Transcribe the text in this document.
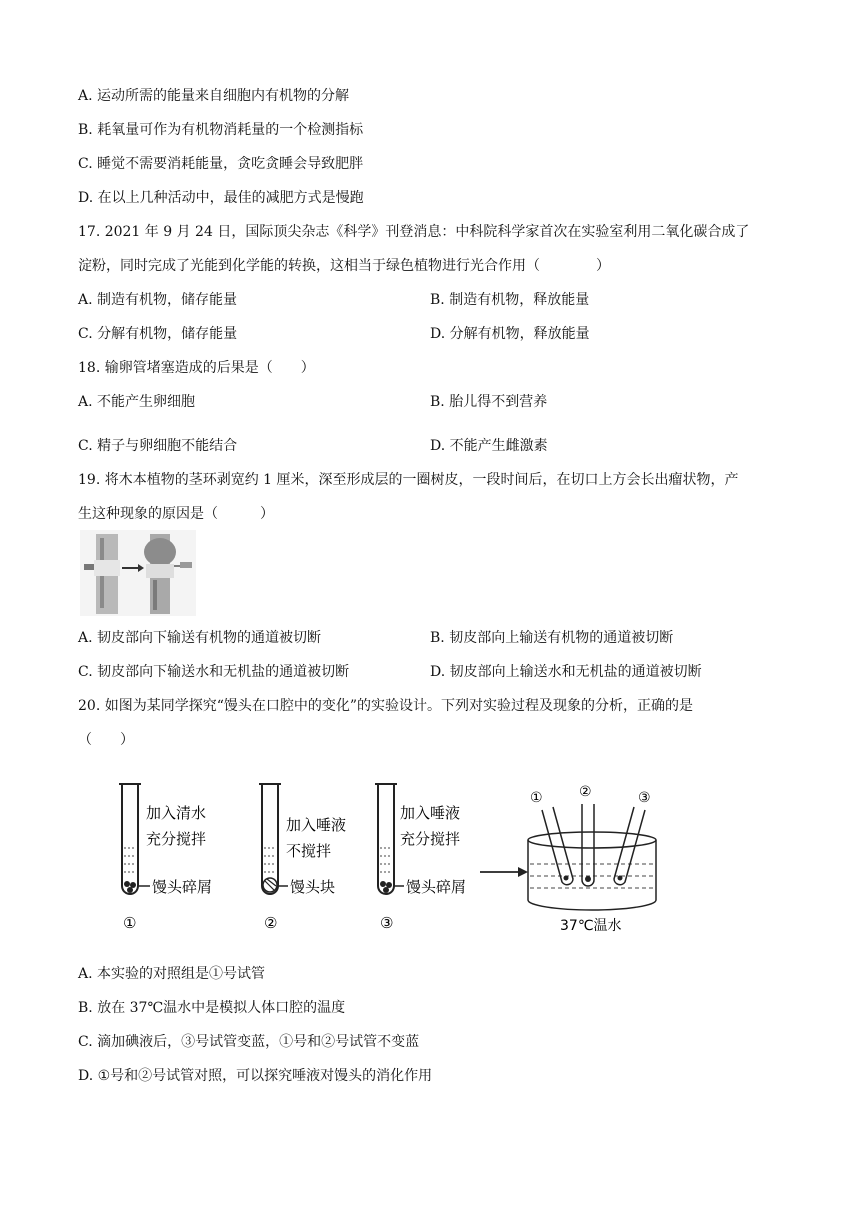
A. 运动所需的能量来自细胞内有机物的分解
B. 耗氧量可作为有机物消耗量的一个检测指标
C. 睡觉不需要消耗能量，贪吃贪睡会导致肥胖
D. 在以上几种活动中，最佳的减肥方式是慢跑
17. 2021 年 9 月 24 日，国际顶尖杂志《科学》刊登消息：中科院科学家首次在实验室利用二氧化碳合成了
淀粉，同时完成了光能到化学能的转换，这相当于绿色植物进行光合作用（　　　　）
A. 制造有机物，储存能量	B. 制造有机物，释放能量
C. 分解有机物，储存能量	D. 分解有机物，释放能量
18. 输卵管堵塞造成的后果是（　　）
A. 不能产生卵细胞	B. 胎儿得不到营养
C. 精子与卵细胞不能结合	D. 不能产生雌激素
19. 将木本植物的茎环剥宽约 1 厘米，深至形成层的一圈树皮，一段时间后，在切口上方会长出瘤状物，产
生这种现象的原因是（　　　）
A. 韧皮部向下输送有机物的通道被切断	B. 韧皮部向上输送有机物的通道被切断
C. 韧皮部向下输送水和无机盐的通道被切断	D. 韧皮部向上输送水和无机盐的通道被切断
20. 如图为某同学探究“馒头在口腔中的变化”的实验设计。下列对实验过程及现象的分析，正确的是
（　　）
加入清水
充分搅拌
馒头碎屑
①
加入唾液
不搅拌
馒头块
②
加入唾液
充分搅拌
馒头碎屑
③
①	②	③
37℃温水
A. 本实验的对照组是①号试管
B. 放在 37℃温水中是模拟人体口腔的温度
C. 滴加碘液后，③号试管变蓝，①号和②号试管不变蓝
D. ①号和②号试管对照，可以探究唾液对馒头的消化作用
